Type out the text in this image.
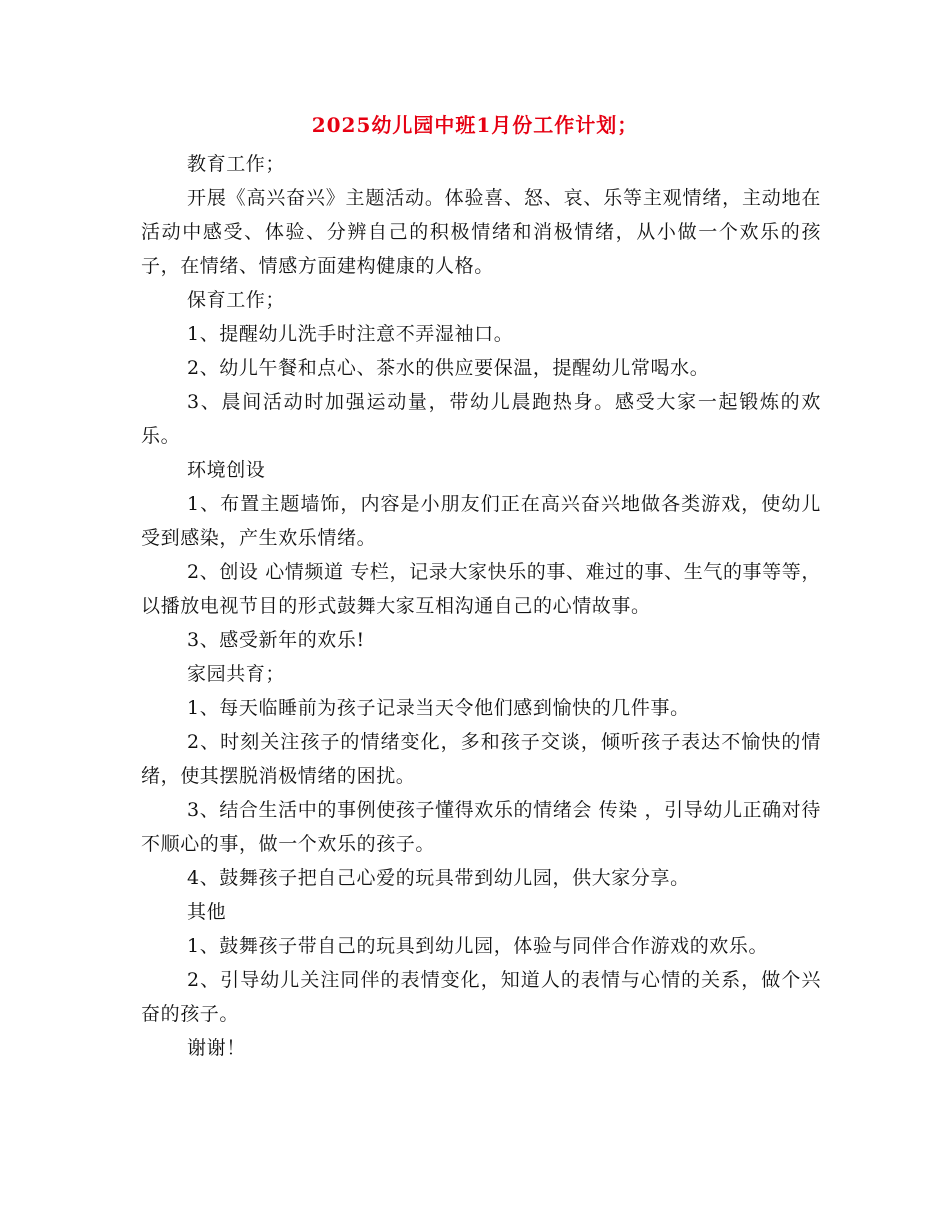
2025幼儿园中班1月份工作计划；

教育工作；

开展《高兴奋兴》主题活动。体验喜、怒、哀、乐等主观情绪，主动地在活动中感受、体验、分辨自己的积极情绪和消极情绪，从小做一个欢乐的孩子，在情绪、情感方面建构健康的人格。

保育工作；

1、提醒幼儿洗手时注意不弄湿袖口。

2、幼儿午餐和点心、茶水的供应要保温，提醒幼儿常喝水。

3、晨间活动时加强运动量，带幼儿晨跑热身。感受大家一起锻炼的欢乐。

环境创设

1、布置主题墙饰，内容是小朋友们正在高兴奋兴地做各类游戏，使幼儿受到感染，产生欢乐情绪。

2、创设 心情频道 专栏，记录大家快乐的事、难过的事、生气的事等等，以播放电视节目的形式鼓舞大家互相沟通自己的心情故事。

3、感受新年的欢乐!

家园共育；

1、每天临睡前为孩子记录当天令他们感到愉快的几件事。

2、时刻关注孩子的情绪变化，多和孩子交谈，倾听孩子表达不愉快的情绪，使其摆脱消极情绪的困扰。

3、结合生活中的事例使孩子懂得欢乐的情绪会 传染 ，引导幼儿正确对待不顺心的事，做一个欢乐的孩子。

4、鼓舞孩子把自己心爱的玩具带到幼儿园，供大家分享。

其他

1、鼓舞孩子带自己的玩具到幼儿园，体验与同伴合作游戏的欢乐。

2、引导幼儿关注同伴的表情变化，知道人的表情与心情的关系，做个兴奋的孩子。

谢谢！
